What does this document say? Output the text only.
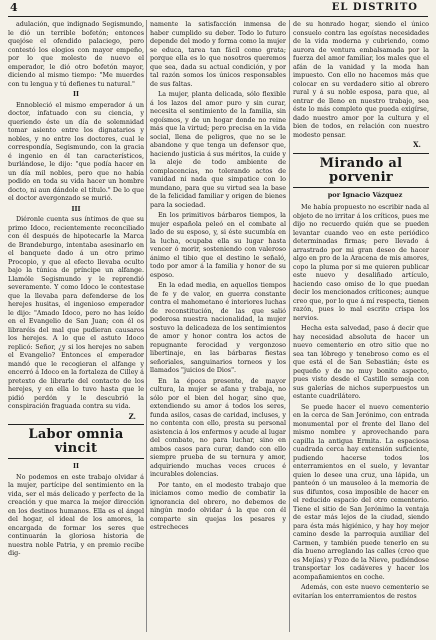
4	EL DISTRITO

adulación, que indignado Segismundo, le dió un terrible bofetón; entonces quejóse el ofendido palaciego, pero contestó los elogios con mayor empeño, por lo que molesto de nuevo el emperador, le dió otro bofetón mayor, diciendo al mismo tiempo: "Me muerdes con tu lengua y tú defienes tu natural."

II

Ennobleció el mismo emperador á un doctor, infatuado con su ciencia, y queriendo éste un día de solemnidad tomar asiento entre los dignatarios y nobles, y no entre los doctores, cual le correspondía, Segismundo, con la gracia é ingenio en él tan característicos, burlándose, le dijo: "que podía hacer en un día mil nobles, pero que no había podido en toda su vida hacer un hombre docto, ni aun dándole el título." De lo que el doctor avergonzado se murió.

III

Diéronle cuenta sus íntimos de que su primo Idoco, recientemente reconciliado con él después de hipotecarle la Marca de Brandeburgo, intentaba asesinarlo en el banquete dado á un otro primo Procopio, y que al efecto llevaba oculto bajo la túnica de príncipe un alfange. Llamóle Segismundo y le reprendió severamente. Y como Idoco le contestase que la llevaba para defenderse de los herejes husitas, el ingenioso emperador le dijo: "Amado Idoco, pero no has leído en el Evangelio de San Juan; con él os libraréis del mal que pudieran causaros los herejes. A lo que el astuto Idoco replicó: Señor, ¿y si los herejes no saben el Evangelio? Entonces el emperador mandó que le recogieran el alfange y encerró á Idoco en la fortaleza de Cilley á pretexto de librarle del contacto de los herejes, y en ella lo tuvo hasta que le pidió perdón y le descubrió la conspiración fraguada contra su vida.

Z.

Labor omnia vincit

II

No podemos en este trabajo olvidar á la mujer, partícipe del sentimiento en la vida, ser el más delicado y perfecto de la creación y que marca la mejor dirección en los destinos humanos. Ella es el ángel del hogar, el ideal de los amores, la encargada de formar los seres que continuarán la gloriosa historia de nuestra noble Patria, y en premio recibe dig-

namente la satisfacción inmensa de haber cumplido su deber. Todo lo futuro depende del modo y forma como la mujer se educa, tarea tan fácil como grata; porque ella es lo que nosotros queremos que sea, dada su actual condición, y por tal razón somos los únicos responsables de sus faltas.

La mujer, planta delicada, sólo flexible á los lazos del amor puro y sin curar, necesita el sentimiento de la familia, sin egoísmos, y de un hogar donde no reine más que la virtud; pero precisa en la vida social, llena de peligros, que no se le abandone y que tenga un defensor que, haciendo justicia á sus méritos, la cuide y la aleje de todo ambiente de complacencias, no tolerando actos de vanidad ni nada que simpatice con lo mundano, para que su virtud sea la base de la felicidad familiar y origen de bienes para la sociedad.

En los primitivos bárbaros tiempos, la mujer española peleó en el combate al lado de su esposo, y, si éste sucumbía en la lucha, ocupaba ella su lugar hasta vencer ó morir, sosteniendo con valeroso ánimo el tibio que el destino le señaló, todo por amor á la familia y honor de su esposo.

En la edad media, en aquellos tiempos de fe y de valor, en guerra constante contra el mahometano é interiores luchas de reconstitución, de las que salió poderosa nuestra nacionalidad, la mujer sostuvo la delicadeza de los sentimientos de amor y honor contra los actos de repugnante ferocidad y vergonzoso libertinaje, en las bárbaras fiestas señoriales, sanguinarios torneos y los llamados "juicios de Dios".

En la época presente, de mayor cultura, la mujer se afana y trabaja, no sólo por el bien del hogar, sino que, extendiendo su amor á todos los seres, funda asilos, casas de caridad, incluses, y no contenta con ello, presta su personal asistencia á los enfermos y acude al lugar del combate, no para luchar, sino en ambos casos para curar, dando con ello siempre prueba de su ternura y amor, adquiriendo muchas veces cruces é incurables dolencias.

Por tanto, en el modesto trabajo que iniciamos como medio de combatir la ignorancia del obrero, no debemos de ningún modo olvidar á la que con él comparte sin quejas los pesares y estrecheces

de su honrado hogar, siendo el único consuelo contra las egoístas necesidades de la vida moderna y cubriendo, como aurora de ventura embalsamada por la fuerza del amor familiar, los males que el afán de la vanidad y la moda han impuesto. Con ello no hacemos más que colocar en su verdadero sitio al obrero rural y á su noble esposa, para que, al entrar de lleno en nuestro trabajo, sea éste lo más completo que pueda exigírse, dado nuestro amor por la cultura y el bien de todos, en relación con nuestro modesto pensar.

X.

Mirando al porvenir

por Ignacio Vázquez

Me había propuesto no escribir nada al objeto de no irritar á los críticos, pues me dijo no recuerdo quién que se pueden levantar cuando veo en este periódico determinadas firmas; pero llevado á arrastrado por mi gran deseo de hacer algo en pro de la Aracena de mis amores, copo la pluma por si me quieren publicar este nuevo y desaliñado artículo, haciendo caso omiso de lo que puedan decir los mencionados críticones; aunque creo que, por lo que á mí respecta, tienen razón, pues lo mal escrito crispa los nervios.

Hecha esta salvedad, paso á decir que hay necesidad absoluta de hacer un nuevo cementerio en otro sitio que no sea tan lóbrego y tenebroso como es el que está el de San Sebastián; éste es pequeño y de no muy bonito aspecto, pues visto desde el Castillo semeja con sus galerías de nichos superpuestos un estante cuadrilátero.

Se puede hacer el nuevo cementerio en la cerca de San Jerónimo, con entrada monumental por el frente del llano del mismo nombre y aprovechando para capilla la antigua Ermita. La espaciosa cuadrada cerca hay extensión suficiente, pudiendo hacerse todos los enterramientos en el suelo, y levantar quien lo desee una cruz, una lápida, un panteón ó un mausoleo á la memoria de sus difuntos, cosa imposible de hacer en el reducido espacio del otro cementerio. Tiene el sitio de San Jerónimo la ventaja de estar más lejos de la ciudad, siendo para ésta más higiénico, y hay hoy mejor camino desde la parroquia auxiliar del Carmen, y también puede tenerlo en su día bueno arreglando las calles (creo que es Mejías) y Pozo de la Nieve, pudiéndose transportar los cadáveres y hacer los acompañamientos en coche.

Además, con este nuevo cementerio se evitarían los enterramientos de restos
